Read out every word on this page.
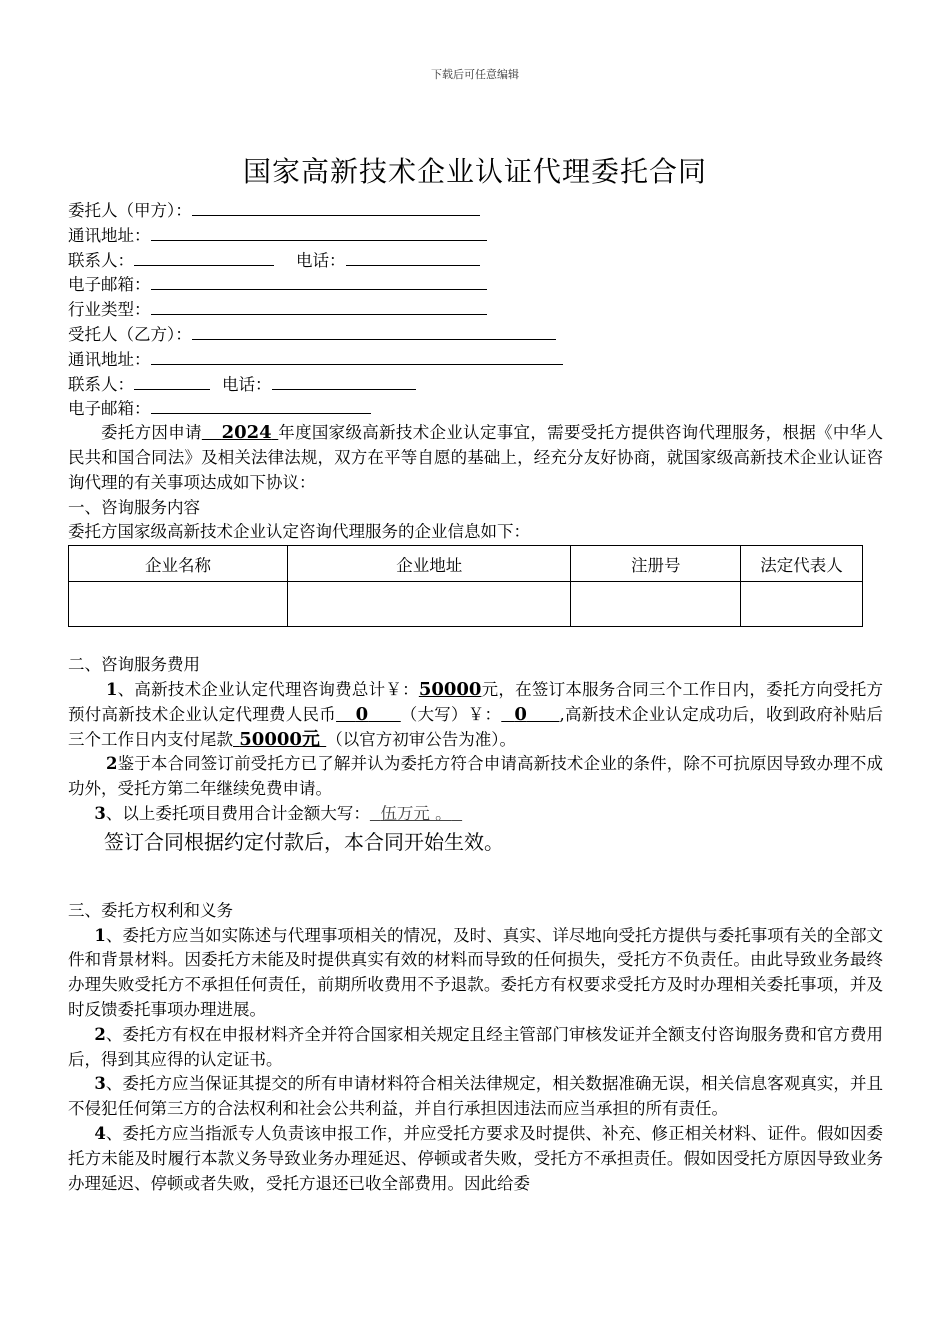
下载后可任意编辑
国家高新技术企业认证代理委托合同
委托人（甲方）：
通讯地址：
联系人：	电话：
电子邮箱：
行业类型：
受托人（乙方）：
通讯地址：
联系人：	电话：
电子邮箱：
委托方因申请 2024 年度国家级高新技术企业认定事宜，需要受托方提供咨询代理服务，根据《中华人民共和国合同法》及相关法律法规，双方在平等自愿的基础上，经充分友好协商，就国家级高新技术企业认证咨询代理的有关事项达成如下协议：
一、咨询服务内容
委托方国家级高新技术企业认定咨询代理服务的企业信息如下：
企业名称	企业地址	注册号	法定代表人

二、咨询服务费用
1、高新技术企业认定代理咨询费总计￥：50000元，在签订本服务合同三个工作日内，委托方向受托方预付高新技术企业认定代理费人民币 0 （大写）￥： 0 ,高新技术企业认定成功后，收到政府补贴后三个工作日内支付尾款 50000元 （以官方初审公告为准）。
2鉴于本合同签订前受托方已了解并认为委托方符合申请高新技术企业的条件，除不可抗原因导致办理不成功外，受托方第二年继续免费申请。
3、以上委托项目费用合计金额大写： 伍万元 。
签订合同根据约定付款后，本合同开始生效。
三、委托方权利和义务
1、委托方应当如实陈述与代理事项相关的情况，及时、真实、详尽地向受托方提供与委托事项有关的全部文件和背景材料。因委托方未能及时提供真实有效的材料而导致的任何损失，受托方不负责任。由此导致业务最终办理失败受托方不承担任何责任，前期所收费用不予退款。委托方有权要求受托方及时办理相关委托事项，并及时反馈委托事项办理进展。
2、委托方有权在申报材料齐全并符合国家相关规定且经主管部门审核发证并全额支付咨询服务费和官方费用后，得到其应得的认定证书。
3、委托方应当保证其提交的所有申请材料符合相关法律规定，相关数据准确无误，相关信息客观真实，并且不侵犯任何第三方的合法权利和社会公共利益，并自行承担因违法而应当承担的所有责任。
4、委托方应当指派专人负责该申报工作，并应受托方要求及时提供、补充、修正相关材料、证件。假如因委托方未能及时履行本款义务导致业务办理延迟、停顿或者失败，受托方不承担责任。假如因受托方原因导致业务办理延迟、停顿或者失败，受托方退还已收全部费用。因此给委
